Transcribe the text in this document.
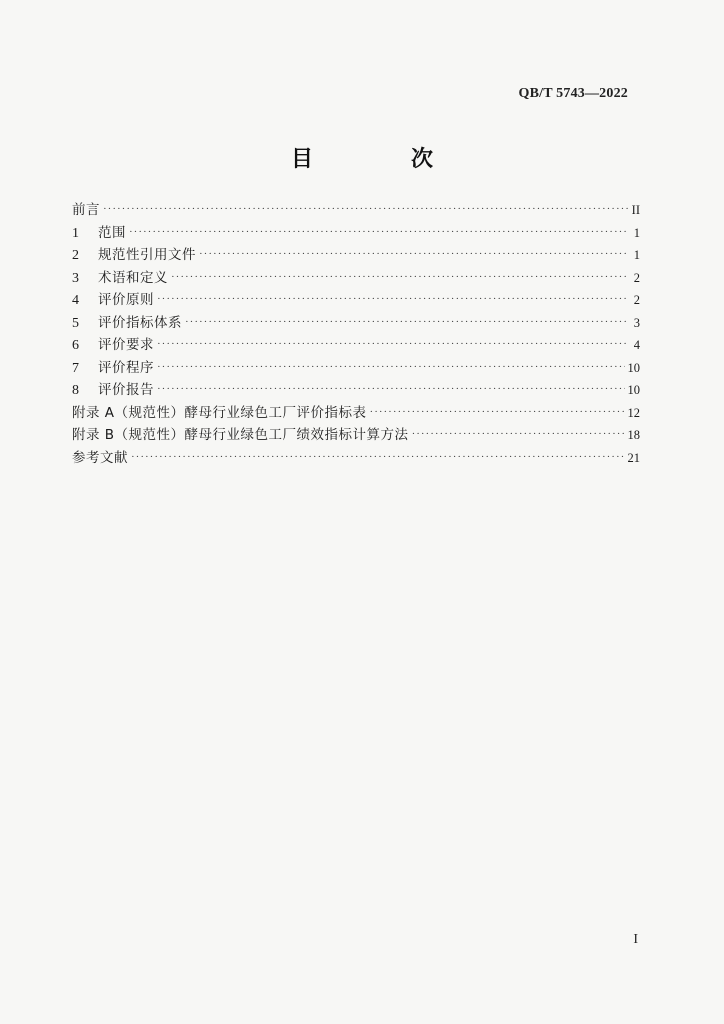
QB/T 5743—2022
目　次
前言 ·····	II
1	范围 ·····	1
2	规范性引用文件 ·····	1
3	术语和定义 ·····	2
4	评价原则 ·····	2
5	评价指标体系 ·····	3
6	评价要求 ·····	4
7	评价程序 ·····	10
8	评价报告 ·····	10
附录 A（规范性）酵母行业绿色工厂评价指标表 ·····	12
附录 B（规范性）酵母行业绿色工厂绩效指标计算方法 ·····	18
参考文献 ·····	21
I
